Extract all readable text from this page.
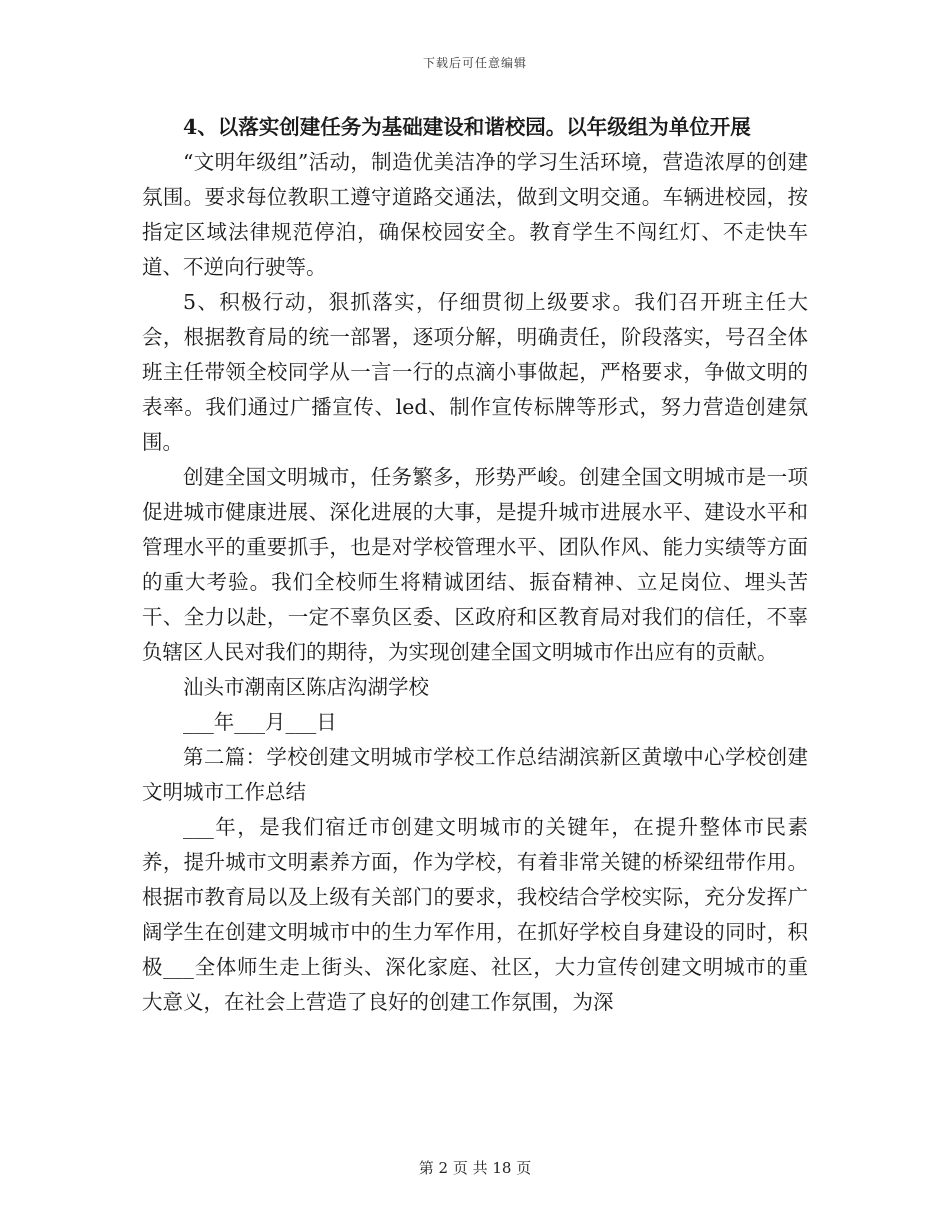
下载后可任意编辑

4、以落实创建任务为基础建设和谐校园。以年级组为单位开展

“文明年级组”活动，制造优美洁净的学习生活环境，营造浓厚的创建氛围。要求每位教职工遵守道路交通法，做到文明交通。车辆进校园，按指定区域法律规范停泊，确保校园安全。教育学生不闯红灯、不走快车道、不逆向行驶等。

5、积极行动，狠抓落实，仔细贯彻上级要求。我们召开班主任大会，根据教育局的统一部署，逐项分解，明确责任，阶段落实，号召全体班主任带领全校同学从一言一行的点滴小事做起，严格要求，争做文明的表率。我们通过广播宣传、led、制作宣传标牌等形式，努力营造创建氛围。

创建全国文明城市，任务繁多，形势严峻。创建全国文明城市是一项促进城市健康进展、深化进展的大事，是提升城市进展水平、建设水平和管理水平的重要抓手，也是对学校管理水平、团队作风、能力实绩等方面的重大考验。我们全校师生将精诚团结、振奋精神、立足岗位、埋头苦干、全力以赴，一定不辜负区委、区政府和区教育局对我们的信任，不辜负辖区人民对我们的期待，为实现创建全国文明城市作出应有的贡献。

汕头市潮南区陈店沟湖学校

___年___月___日

第二篇：学校创建文明城市学校工作总结湖滨新区黄墩中心学校创建文明城市工作总结

___年，是我们宿迁市创建文明城市的关键年，在提升整体市民素养，提升城市文明素养方面，作为学校，有着非常关键的桥梁纽带作用。根据市教育局以及上级有关部门的要求，我校结合学校实际，充分发挥广阔学生在创建文明城市中的生力军作用，在抓好学校自身建设的同时，积极___全体师生走上街头、深化家庭、社区，大力宣传创建文明城市的重大意义，在社会上营造了良好的创建工作氛围，为深

第 2 页 共 18 页
